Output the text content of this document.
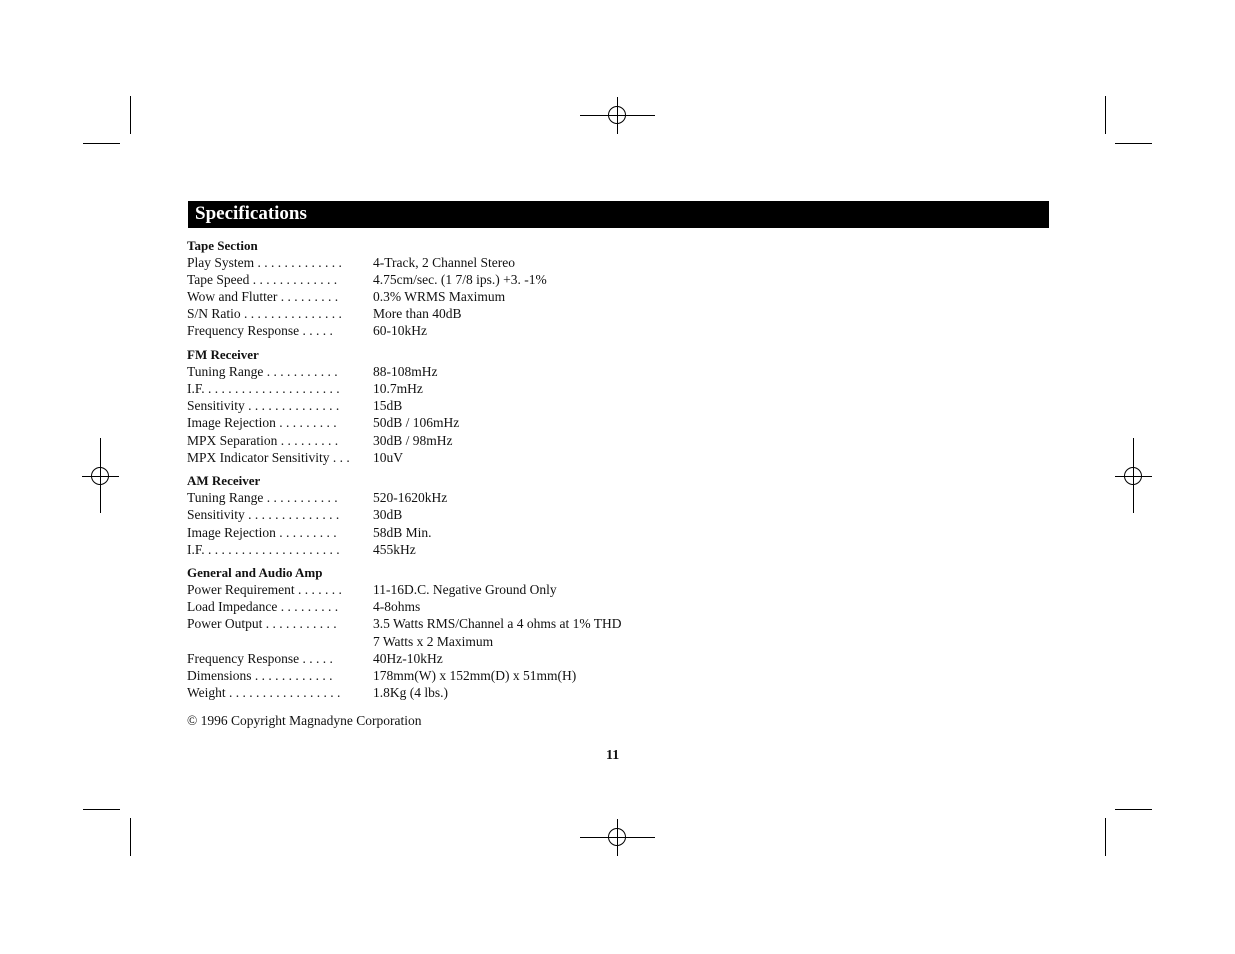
Specifications
Tape Section
Play System . . . . . . . . . . . . . 4-Track, 2 Channel Stereo
Tape Speed . . . . . . . . . . . . .	4.75cm/sec. (1 7/8 ips.) +3. -1%
Wow and Flutter . . . . . . . . .	0.3% WRMS Maximum
S/N Ratio . . . . . . . . . . . . . . . More than 40dB
Frequency Response . . . . .	60-10kHz
FM Receiver
Tuning Range . . . . . . . . . . .	88-108mHz
I.F. . . . . . . . . . . . . . . . . . . . . 10.7mHz
Sensitivity . . . . . . . . . . . . . . 15dB
Image Rejection . . . . . . . . .	50dB / 106mHz
MPX Separation . . . . . . . . .	30dB / 98mHz
MPX Indicator Sensitivity . . . 10uV
AM Receiver
Tuning Range . . . . . . . . . . .	520-1620kHz
Sensitivity . . . . . . . . . . . . . . 30dB
Image Rejection . . . . . . . . .	58dB Min.
I.F. . . . . . . . . . . . . . . . . . . . . 455kHz
General and Audio Amp
Power Requirement . . . . . . . 11-16D.C. Negative Ground Only
Load Impedance . . . . . . . . .	4-8ohms
Power Output . . . . . . . . . . .	3.5 Watts RMS/Channel a 4 ohms at 1% THD
7 Watts x 2 Maximum
Frequency Response . . . . .	40Hz-10kHz
Dimensions . . . . . . . . . . . .	178mm(W) x 152mm(D) x 51mm(H)
Weight . . . . . . . . . . . . . . . . . 1.8Kg (4 lbs.)
© 1996 Copyright Magnadyne Corporation
11
